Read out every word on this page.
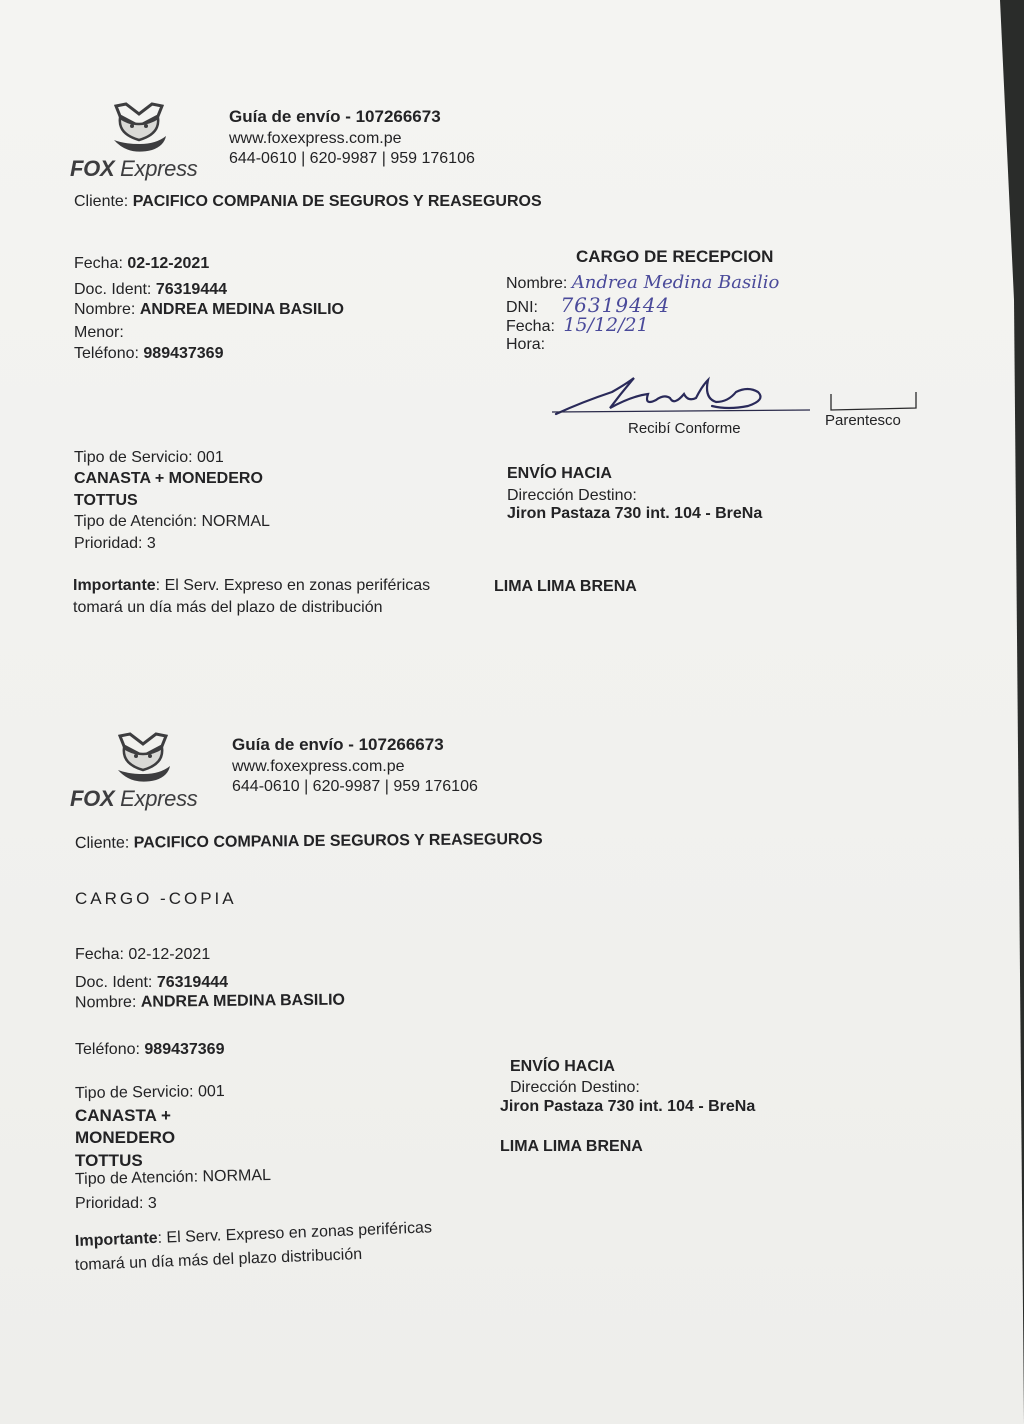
FOX Express
Guía de envío - 107266673
www.foxexpress.com.pe
644-0610 | 620-9987 | 959 176106
Cliente: PACIFICO COMPANIA DE SEGUROS Y REASEGUROS
Fecha: 02-12-2021
Doc. Ident: 76319444
Nombre: ANDREA MEDINA BASILIO
Menor:
Teléfono: 989437369
CARGO DE RECEPCION
Nombre: Andrea Medina Basilio
DNI: 76319444
Fecha: 15/12/21
Hora:
Recibí Conforme	Parentesco
Tipo de Servicio: 001
CANASTA + MONEDERO
TOTTUS
Tipo de Atención: NORMAL
Prioridad: 3
ENVÍO HACIA
Dirección Destino:
Jiron Pastaza 730 int. 104 - BreNa
Importante: El Serv. Expreso en zonas periféricas
tomará un día más del plazo de distribución
LIMA LIMA BRENA
FOX Express
Guía de envío - 107266673
www.foxexpress.com.pe
644-0610 | 620-9987 | 959 176106
Cliente: PACIFICO COMPANIA DE SEGUROS Y REASEGUROS
CARGO -COPIA
Fecha: 02-12-2021
Doc. Ident: 76319444
Nombre: ANDREA MEDINA BASILIO
Teléfono: 989437369
Tipo de Servicio: 001
CANASTA +
MONEDERO
TOTTUS
Tipo de Atención: NORMAL
Prioridad: 3
Importante: El Serv. Expreso en zonas periféricas
tomará un día más del plazo distribución
ENVÍO HACIA
Dirección Destino:
Jiron Pastaza 730 int. 104 - BreNa
LIMA LIMA BRENA
